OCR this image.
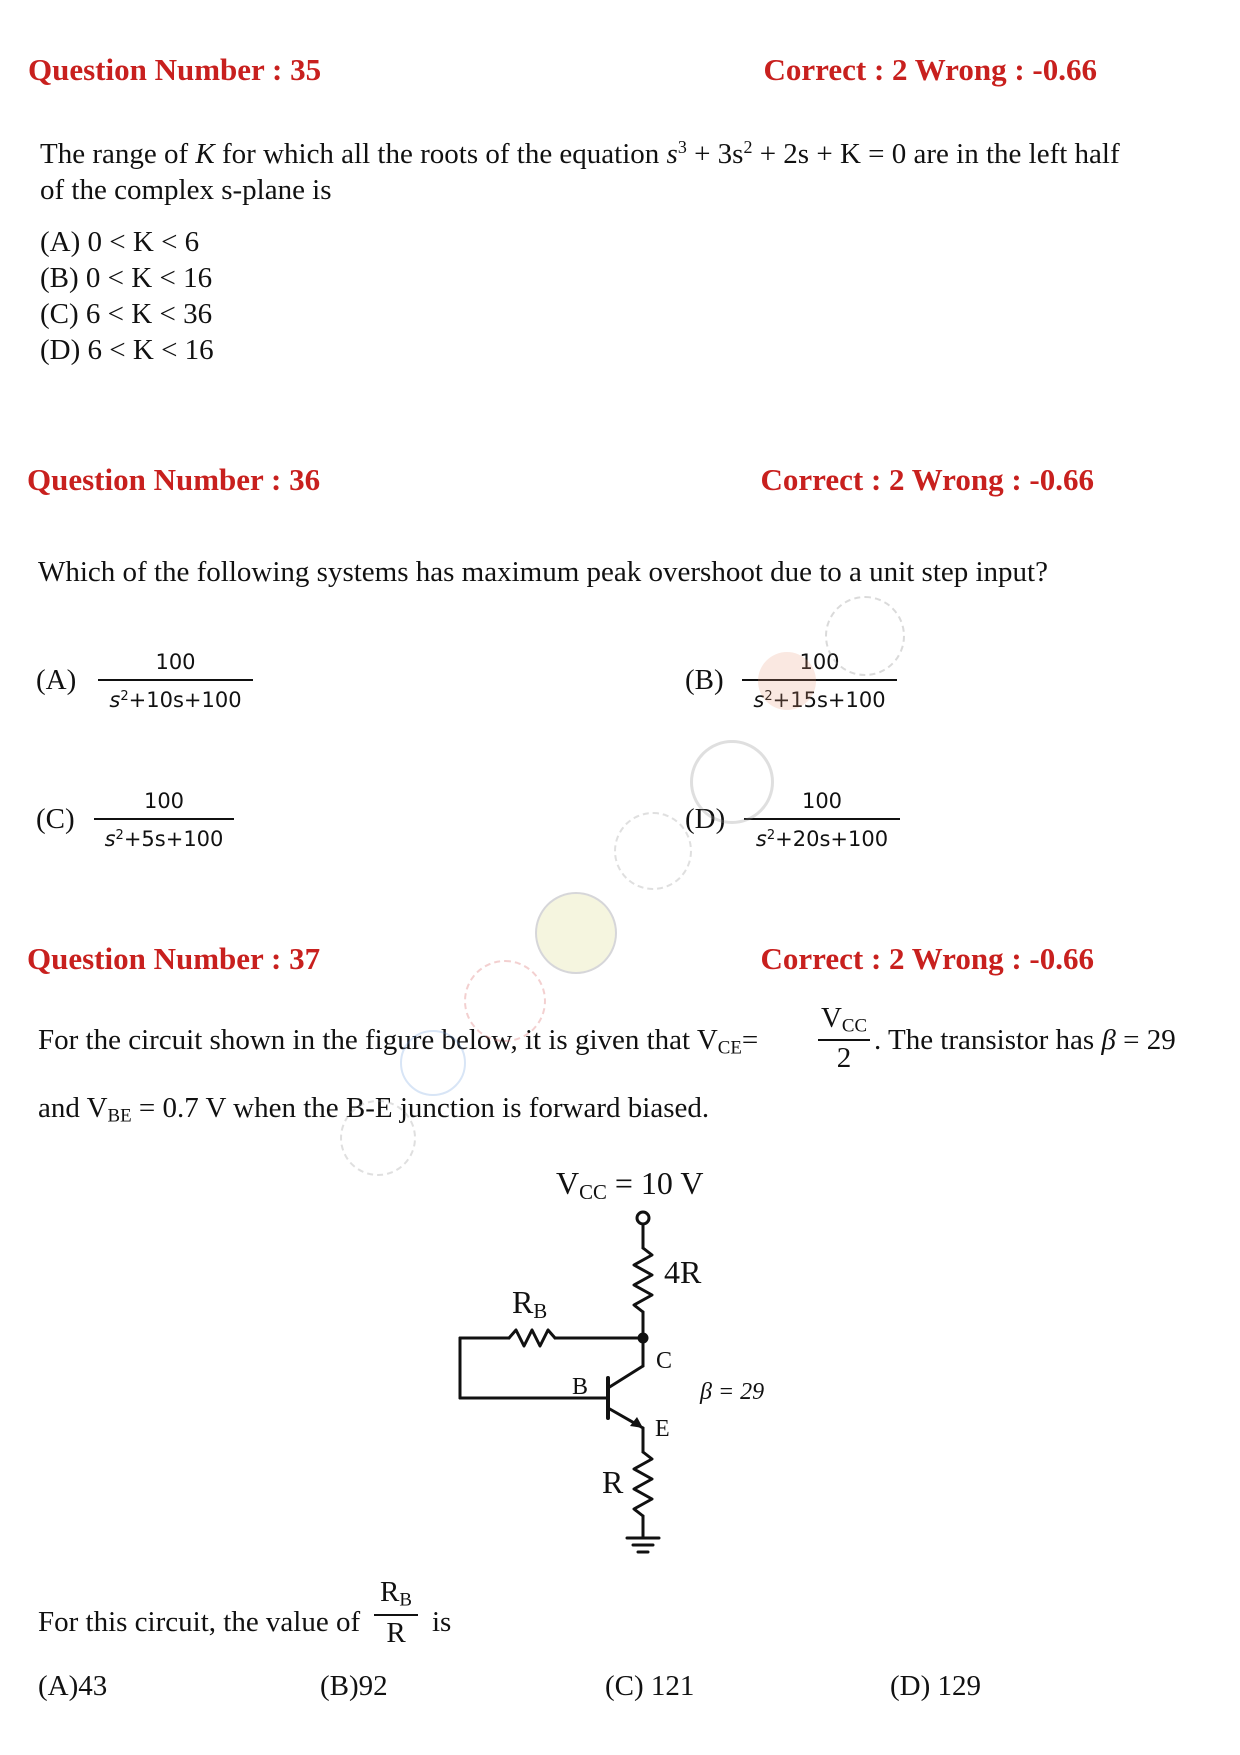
Question Number : 35	Correct : 2 Wrong : -0.66
The range of K for which all the roots of the equation $s^3 + 3s^2 + 2s + K = 0$ are in the left half
of the complex s-plane is
(A) 0 < K < 6
(B) 0 < K < 16
(C) 6 < K < 36
(D) 6 < K < 16
Question Number : 36	Correct : 2 Wrong : -0.66
Which of the following systems has maximum peak overshoot due to a unit step input?
(A)
100
$s^2+10s+100$
(B)
100
$s^2+15s+100$
(C)
100
$s^2+5s+100$
(D)
100
$s^2+20s+100$
Question Number : 37	Correct : 2 Wrong : -0.66
For the circuit shown in the figure below, it is given that $V_{CE}=$
$V_{CC}$
2
. The transistor has β = 29
and $V_{BE} = 0.7$ V when the B-E junction is forward biased.
$V_{CC} = 10$ V
4R
$R_B$
C
B
E
R
β = 29
For this circuit, the value of
$R_B$
R is
(A)43	(B)92	(C) 121	(D) 129
